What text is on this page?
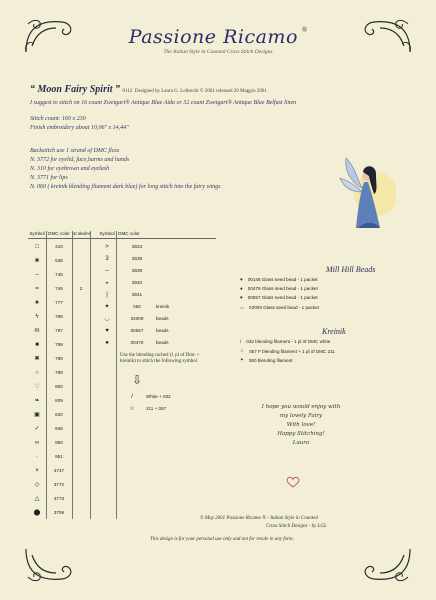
Passione Ricamo ®
The Italian Style in Counted Cross Stitch Designs
“ Moon Fairy Spirit ” 0112 Designed by Laura G. Lelleschi © 2001 released 20 Maggio 2001
I suggest to stitch on 16 count Zweigart® Antique Blue Aida or 32 count Zweigart® Antique Blue Belfast linen
Stitch count: 160 x 230
Finish embroidery about 10,06" x 14,44"
Backstitch use 1 strand of DMC floss
N. 3772 for eyelid, face,harms and hands
N. 310 for eyebrown and eyelash
N. 3771 for lips
N. 060 ( kreinik blending filament dark blue) for long stitch into the fairy wings
Symbol DMC color Nr.skeins Symbol DMC color
□	310
❀	535
–	745
=	746	2
★	777
ϟ	796
m	797
■	798
✖	799
○	799
♡	800
❧	809
▣	820
✓	945
∞	950
·	951
×	3747
◇	3772
△	3773
⬤	3799
>	3823
3	3838
–	3839
◒	3840
|	3841
✦	060	kreinik
◡	02009	beads
♥	00557	beads
●	00479	beads
Use the blending rached (1 pl of Dmc + kreinik) to stitch the following symbol
⇩
/	White + 032
☆	211 + 057
Mill Hill Beads
♥ 00146 Glass seed bead - 1 packet
● 00479 Glass seed bead - 1 packet
♥ 00557 Glass seed bead - 1 packet
◡ 02009 Glass seed bead - 1 packet
Kreinik
/ 032 blending filament - 1 pl of DMC white
☆ 057 F blending filament + 1 pl of DMC 211
✦ 060 blending filament
I hope you would enjoy with
my lovely Fairy
With love!
Happy Stitching!
Laura
© May 2001 Passione Ricamo ® - Italian Style in Counted
Cross Stitch Designs - by LGL
This design is for your personal use only and not for resale in any form.
